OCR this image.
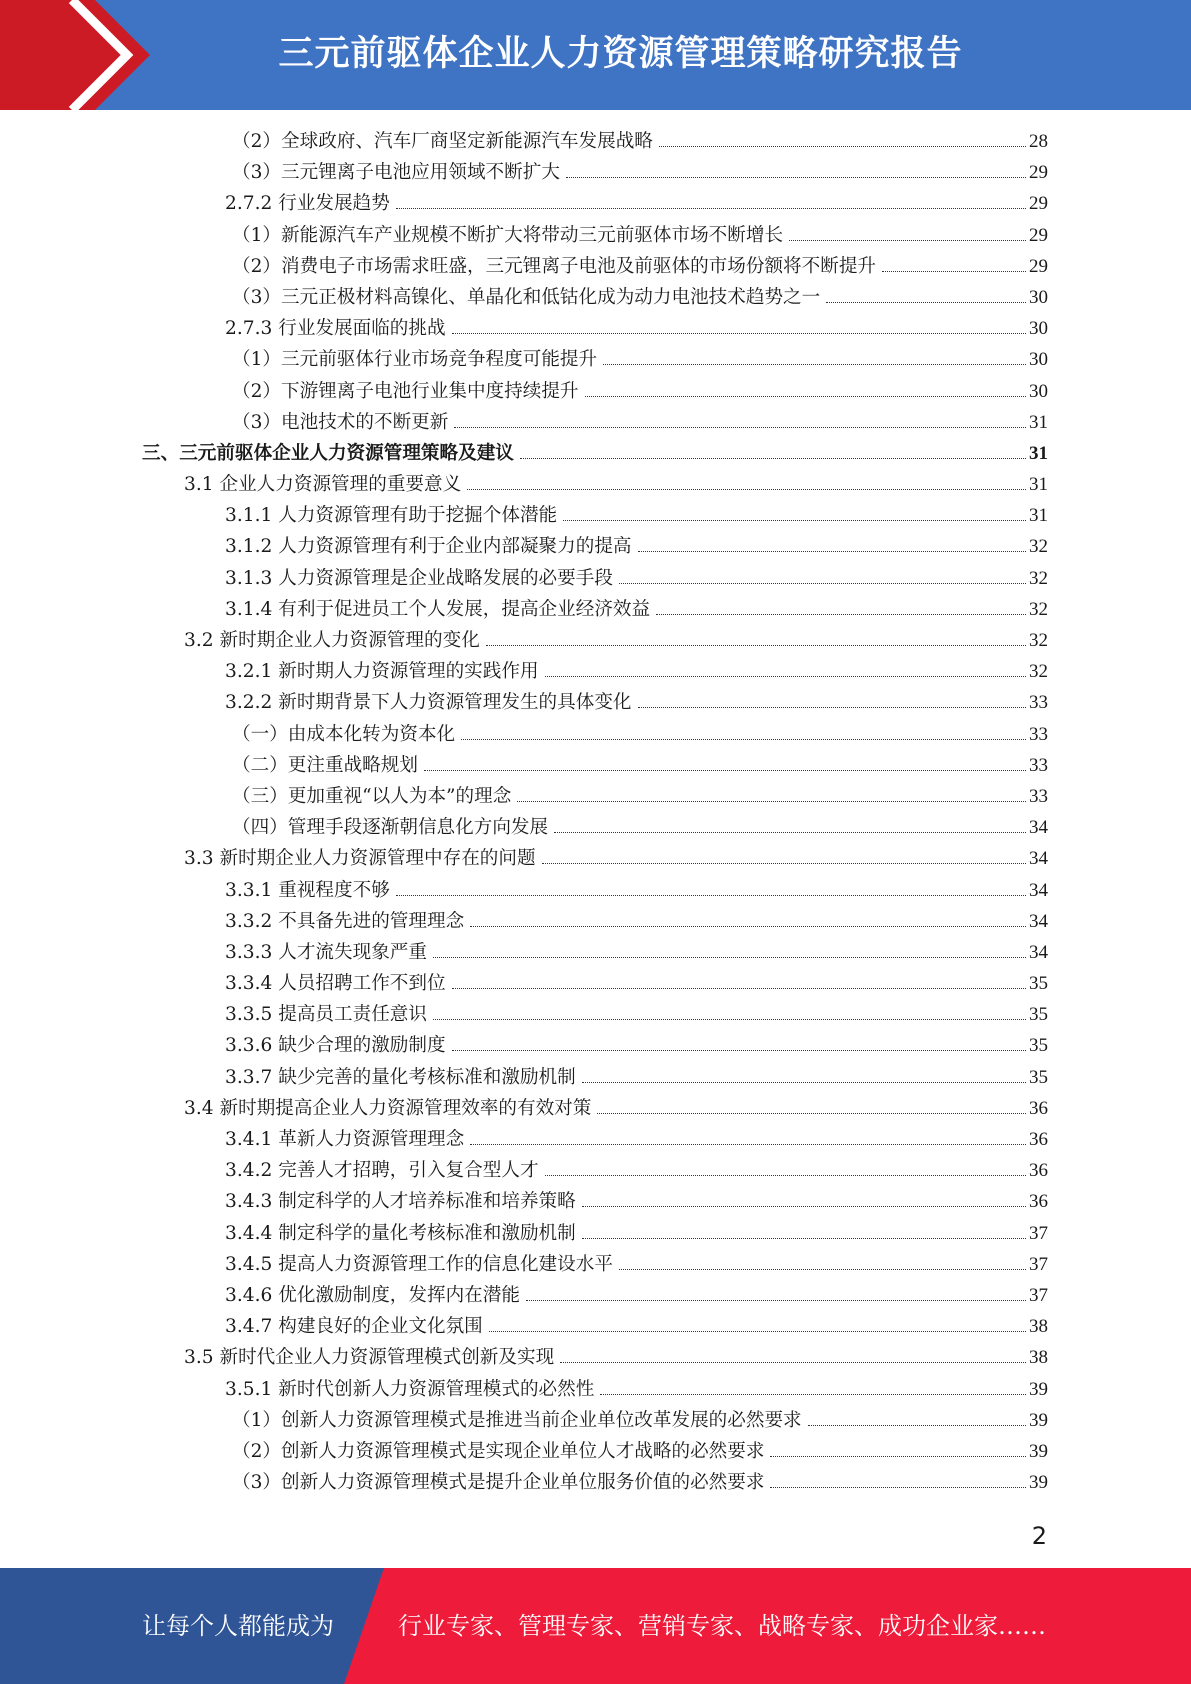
三元前驱体企业人力资源管理策略研究报告
（2）全球政府、汽车厂商坚定新能源汽车发展战略	28
（3）三元锂离子电池应用领域不断扩大	29
2.7.2 行业发展趋势	29
（1）新能源汽车产业规模不断扩大将带动三元前驱体市场不断增长	29
（2）消费电子市场需求旺盛，三元锂离子电池及前驱体的市场份额将不断提升	29
（3）三元正极材料高镍化、单晶化和低钴化成为动力电池技术趋势之一	30
2.7.3 行业发展面临的挑战	30
（1）三元前驱体行业市场竞争程度可能提升	30
（2）下游锂离子电池行业集中度持续提升	30
（3）电池技术的不断更新	31
三、三元前驱体企业人力资源管理策略及建议	31
3.1 企业人力资源管理的重要意义	31
3.1.1 人力资源管理有助于挖掘个体潜能	31
3.1.2 人力资源管理有利于企业内部凝聚力的提高	32
3.1.3 人力资源管理是企业战略发展的必要手段	32
3.1.4 有利于促进员工个人发展，提高企业经济效益	32
3.2 新时期企业人力资源管理的变化	32
3.2.1 新时期人力资源管理的实践作用	32
3.2.2 新时期背景下人力资源管理发生的具体变化	33
（一）由成本化转为资本化	33
（二）更注重战略规划	33
（三）更加重视“以人为本”的理念	33
（四）管理手段逐渐朝信息化方向发展	34
3.3 新时期企业人力资源管理中存在的问题	34
3.3.1 重视程度不够	34
3.3.2 不具备先进的管理理念	34
3.3.3 人才流失现象严重	34
3.3.4 人员招聘工作不到位	35
3.3.5 提高员工责任意识	35
3.3.6 缺少合理的激励制度	35
3.3.7 缺少完善的量化考核标准和激励机制	35
3.4 新时期提高企业人力资源管理效率的有效对策	36
3.4.1 革新人力资源管理理念	36
3.4.2 完善人才招聘，引入复合型人才	36
3.4.3 制定科学的人才培养标准和培养策略	36
3.4.4 制定科学的量化考核标准和激励机制	37
3.4.5 提高人力资源管理工作的信息化建设水平	37
3.4.6 优化激励制度，发挥内在潜能	37
3.4.7 构建良好的企业文化氛围	38
3.5 新时代企业人力资源管理模式创新及实现	38
3.5.1 新时代创新人力资源管理模式的必然性	39
（1）创新人力资源管理模式是推进当前企业单位改革发展的必然要求	39
（2）创新人力资源管理模式是实现企业单位人才战略的必然要求	39
（3）创新人力资源管理模式是提升企业单位服务价值的必然要求	39
2
让每个人都能成为	行业专家、管理专家、营销专家、战略专家、成功企业家……
